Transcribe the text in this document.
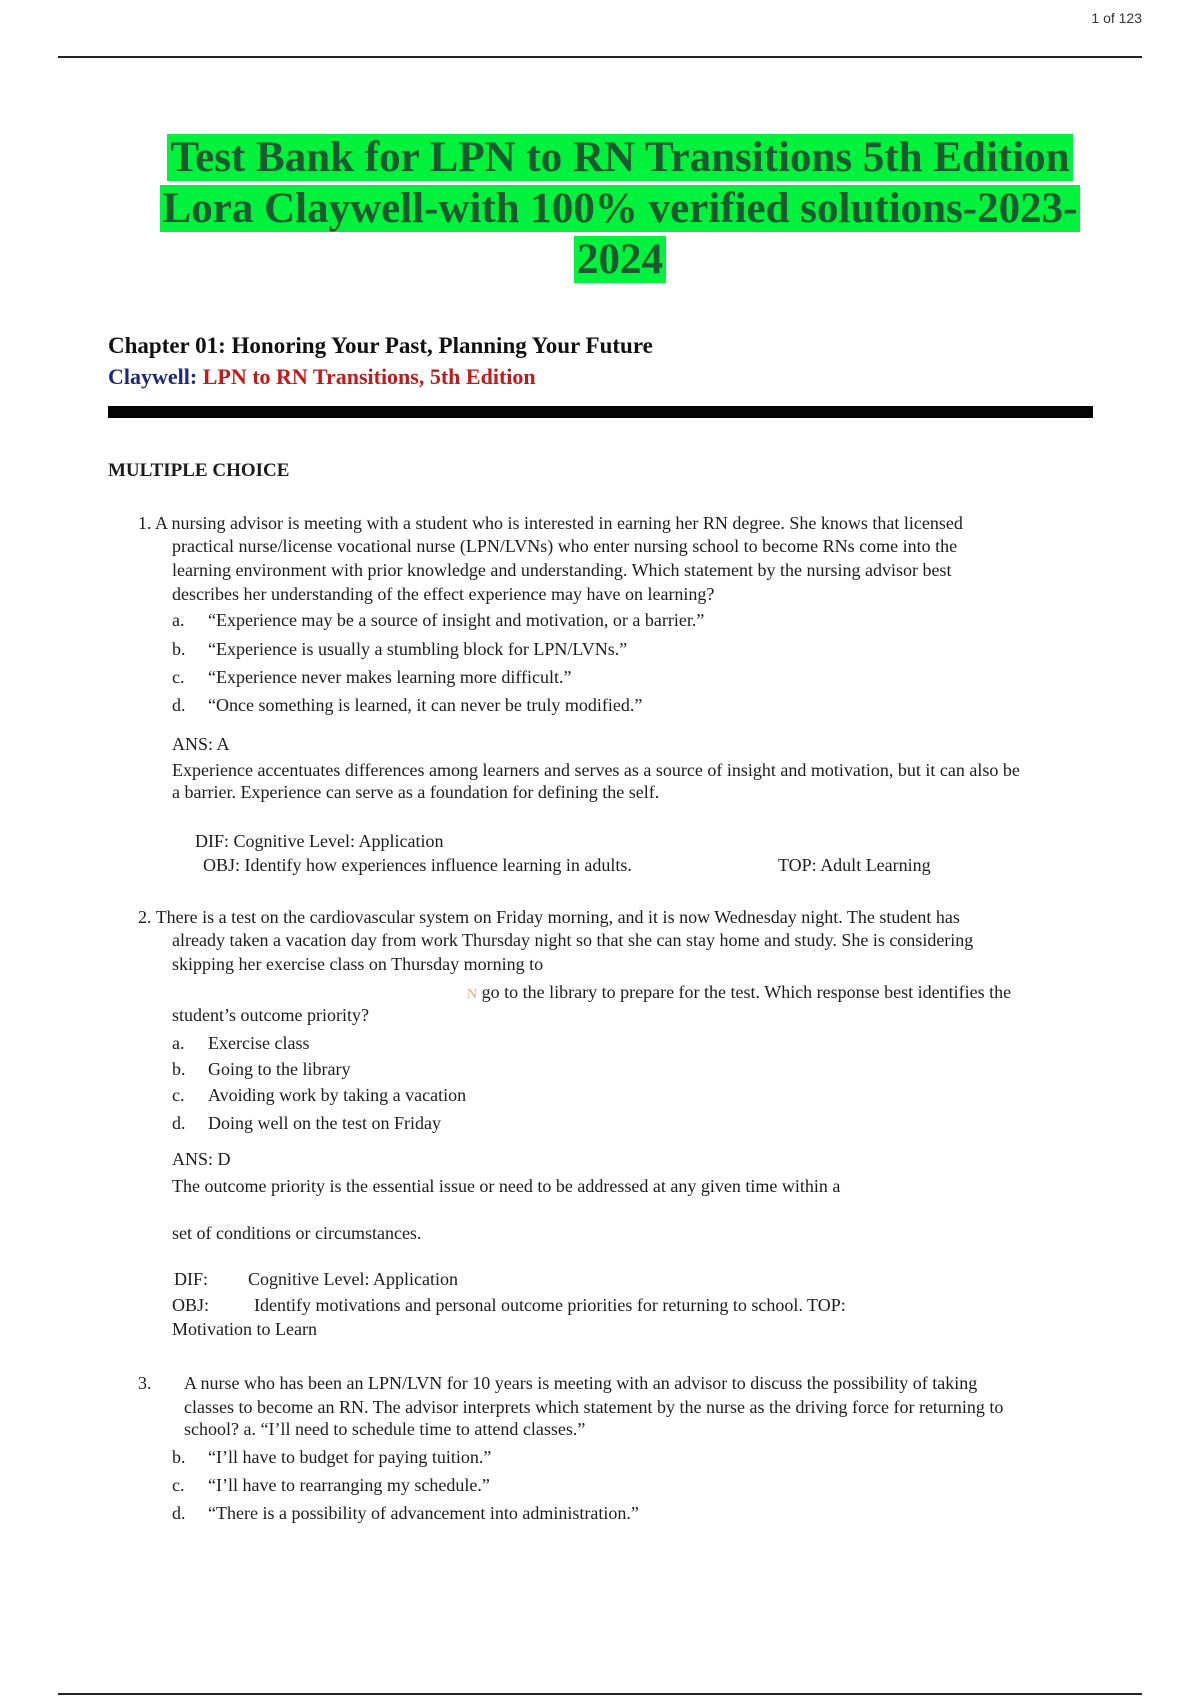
1 of 123
Test Bank for LPN to RN Transitions 5th Edition Lora Claywell-with 100% verified solutions-2023-2024
Chapter 01: Honoring Your Past, Planning Your Future
Claywell: LPN to RN Transitions, 5th Edition
MULTIPLE CHOICE
1. A nursing advisor is meeting with a student who is interested in earning her RN degree. She knows that licensed
practical nurse/license vocational nurse (LPN/LVNs) who enter nursing school to become RNs come into the
learning environment with prior knowledge and understanding. Which statement by the nursing advisor best
describes her understanding of the effect experience may have on learning?
a. “Experience may be a source of insight and motivation, or a barrier.”
b. “Experience is usually a stumbling block for LPN/LVNs.”
c. “Experience never makes learning more difficult.”
d. “Once something is learned, it can never be truly modified.”
ANS: A
Experience accentuates differences among learners and serves as a source of insight and motivation, but it can also be
a barrier. Experience can serve as a foundation for defining the self.
DIF: Cognitive Level: Application
OBJ: Identify how experiences influence learning in adults.	TOP: Adult Learning
2. There is a test on the cardiovascular system on Friday morning, and it is now Wednesday night. The student has
already taken a vacation day from work Thursday night so that she can stay home and study. She is considering
skipping her exercise class on Thursday morning to
N go to the library to prepare for the test. Which response best identifies the
student’s outcome priority?
a. Exercise class
b. Going to the library
c. Avoiding work by taking a vacation
d. Doing well on the test on Friday
ANS: D
The outcome priority is the essential issue or need to be addressed at any given time within a
set of conditions or circumstances.
DIF: Cognitive Level: Application
OBJ: Identify motivations and personal outcome priorities for returning to school. TOP:
Motivation to Learn
3. A nurse who has been an LPN/LVN for 10 years is meeting with an advisor to discuss the possibility of taking
classes to become an RN. The advisor interprets which statement by the nurse as the driving force for returning to
school? a. “I’ll need to schedule time to attend classes.”
b. “I’ll have to budget for paying tuition.”
c. “I’ll have to rearranging my schedule.”
d. “There is a possibility of advancement into administration.”
